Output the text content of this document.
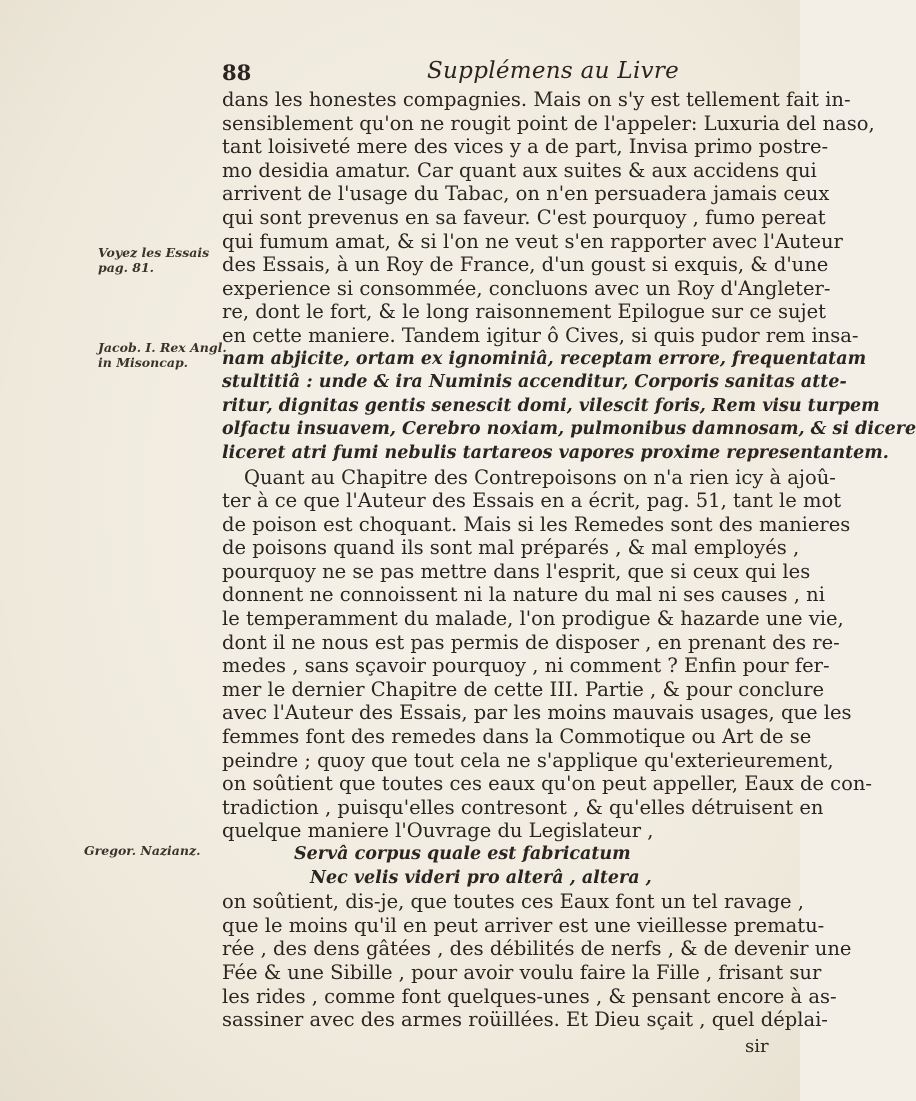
88	Supplémens au Livre
Voyez les Essais
pag. 81.
Jacob. I. Rex Angl.
in Misoncap.
Gregor. Nazianz.
dans les honestes compagnies. Mais on s'y est tellement fait in-
sensiblement qu'on ne rougit point de l'appeler: Luxuria del naso,
tant loisiveté mere des vices y a de part, Invisa primo postre-
mo desidia amatur. Car quant aux suites & aux accidens qui
arrivent de l'usage du Tabac, on n'en persuadera jamais ceux
qui sont prevenus en sa faveur. C'est pourquoy , fumo pereat
qui fumum amat, & si l'on ne veut s'en rapporter avec l'Auteur
des Essais, à un Roy de France, d'un goust si exquis, & d'une
experience si consommée, concluons avec un Roy d'Angleter-
re, dont le fort, & le long raisonnement Epilogue sur ce sujet
en cette maniere. Tandem igitur ô Cives, si quis pudor rem insa-
nam abjicite, ortam ex ignominiâ, receptam errore, frequentatam
stultitiâ : unde & ira Numinis accenditur, Corporis sanitas atte-
ritur, dignitas gentis senescit domi, vilescit foris, Rem visu turpem
olfactu insuavem, Cerebro noxiam, pulmonibus damnosam, & si dicere
liceret atri fumi nebulis tartareos vapores proxime representantem.
Quant au Chapitre des Contrepoisons on n'a rien icy à ajoû-
ter à ce que l'Auteur des Essais en a écrit, pag. 51, tant le mot
de poison est choquant. Mais si les Remedes sont des manieres
de poisons quand ils sont mal préparés , & mal employés ,
pourquoy ne se pas mettre dans l'esprit, que si ceux qui les
donnent ne connoissent ni la nature du mal ni ses causes , ni
le temperamment du malade, l'on prodigue & hazarde une vie,
dont il ne nous est pas permis de disposer , en prenant des re-
medes , sans sçavoir pourquoy , ni comment ? Enfin pour fer-
mer le dernier Chapitre de cette III. Partie , & pour conclure
avec l'Auteur des Essais, par les moins mauvais usages, que les
femmes font des remedes dans la Commotique ou Art de se
peindre ; quoy que tout cela ne s'applique qu'exterieurement,
on soûtient que toutes ces eaux qu'on peut appeller, Eaux de con-
tradiction , puisqu'elles contresont , & qu'elles détruisent en
quelque maniere l'Ouvrage du Legislateur ,
Servâ corpus quale est fabricatum
Nec velis videri pro alterâ , altera ,
on soûtient, dis-je, que toutes ces Eaux font un tel ravage ,
que le moins qu'il en peut arriver est une vieillesse prematu-
rée , des dens gâtées , des débilités de nerfs , & de devenir une
Fée & une Sibille , pour avoir voulu faire la Fille , frisant sur
les rides , comme font quelques-unes , & pensant encore à as-
sassiner avec des armes roüillées. Et Dieu sçait , quel déplai-
sir
